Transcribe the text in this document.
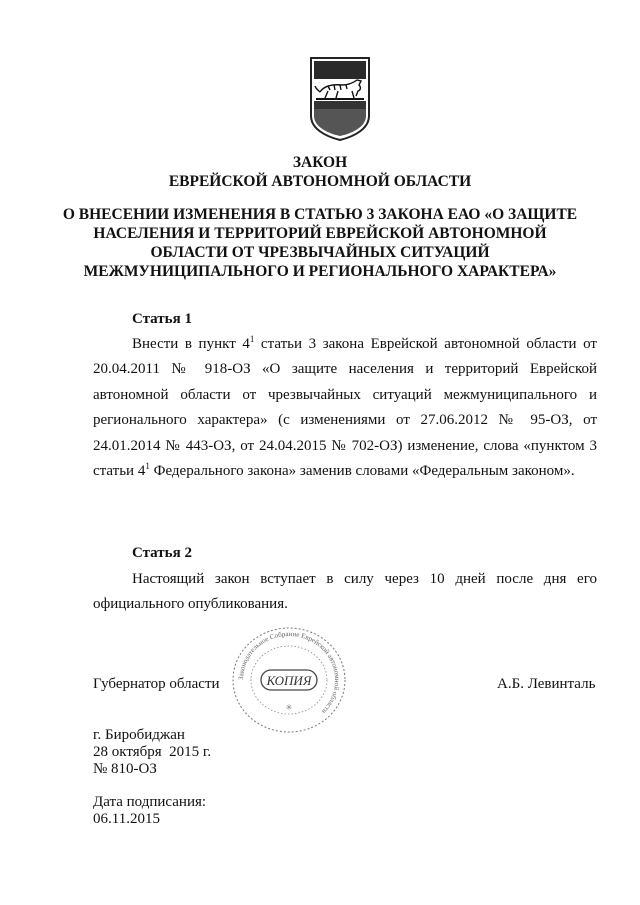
ЗАКОН
ЕВРЕЙСКОЙ АВТОНОМНОЙ ОБЛАСТИ
О ВНЕСЕНИИ ИЗМЕНЕНИЯ В СТАТЬЮ 3 ЗАКОНА ЕАО «О ЗАЩИТЕ
НАСЕЛЕНИЯ И ТЕРРИТОРИЙ ЕВРЕЙСКОЙ АВТОНОМНОЙ
ОБЛАСТИ ОТ ЧРЕЗВЫЧАЙНЫХ СИТУАЦИЙ
МЕЖМУНИЦИПАЛЬНОГО И РЕГИОНАЛЬНОГО ХАРАКТЕРА»
Статья 1

Внести в пункт $4^1$ статьи 3 закона Еврейской автономной области от 20.04.2011 № 918-ОЗ «О защите населения и территорий Еврейской автономной области от чрезвычайных ситуаций межмуниципального и регионального характера» (с изменениями от 27.06.2012 № 95-ОЗ, от 24.01.2014 № 443-ОЗ, от 24.04.2015 № 702-ОЗ) изменение, слова «пунктом 3 статьи $4^1$ Федерального закона» заменив словами «Федеральным законом».

Статья 2

Настоящий закон вступает в силу через 10 дней после дня его официального опубликования.

Законодательное Собрание Еврейской автономной области
КОПИЯ
✳
Губернатор области	А.Б. Левинталь
г. Биробиджан
28 октября  2015 г.
№ 810-ОЗ
Дата подписания:
06.11.2015
